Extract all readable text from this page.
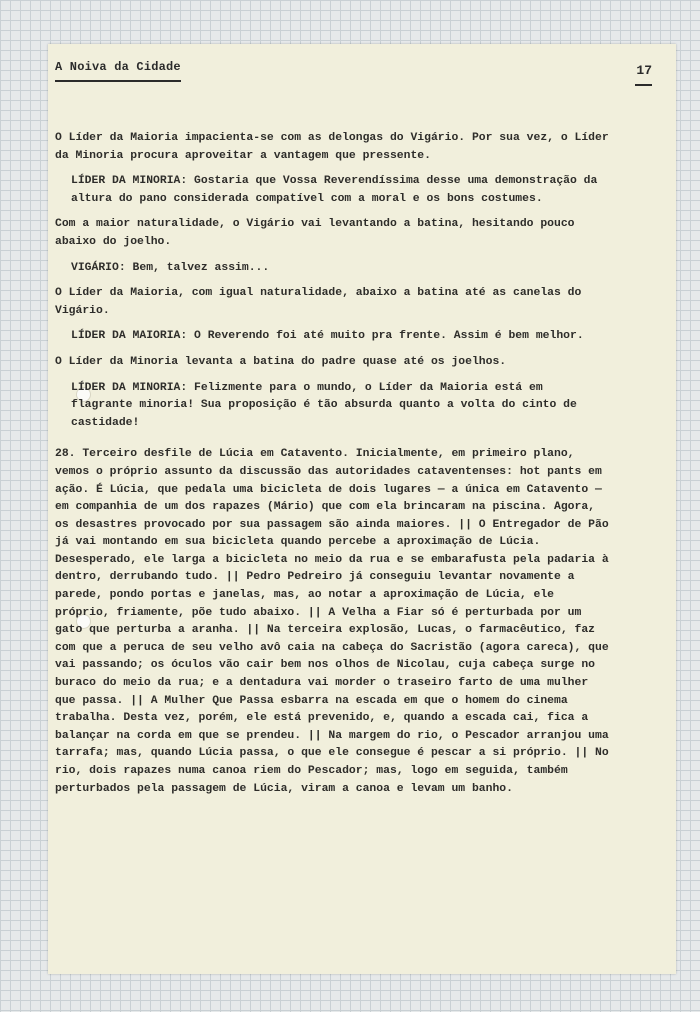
A Noiva da Cidade	17

O Líder da Maioria impacienta-se com as delongas do Vigário. Por sua vez, o Líder da Minoria procura aproveitar a vantagem que pressente.

LÍDER DA MINORIA: Gostaria que Vossa Reverendíssima desse uma demonstração da altura do pano considerada compatível com a moral e os bons costumes.

Com a maior naturalidade, o Vigário vai levantando a batina, hesitando pouco abaixo do joelho.

VIGÁRIO: Bem, talvez assim...

O Líder da Maioria, com igual naturalidade, abaixo a batina até as canelas do Vigário.

LÍDER DA MAIORIA: O Reverendo foi até muito pra frente. Assim é bem melhor.

O Líder da Minoria levanta a batina do padre quase até os joelhos.

LÍDER DA MINORIA: Felizmente para o mundo, o Líder da Maioria está em flagrante minoria! Sua proposição é tão absurda quanto a volta do cinto de castidade!

28. Terceiro desfile de Lúcia em Catavento. Inicialmente, em primeiro plano, vemos o próprio assunto da discussão das autoridades cataventenses: hot pants em ação. É Lúcia, que pedala uma bicicleta de dois lugares — a única em Catavento — em companhia de um dos rapazes (Mário) que com ela brincaram na piscina. Agora, os desastres provocado por sua passagem são ainda maiores. || O Entregador de Pão já vai montando em sua bicicleta quando percebe a aproximação de Lúcia. Desesperado, ele larga a bicicleta no meio da rua e se embarafusta pela padaria à dentro, derrubando tudo. || Pedro Pedreiro já conseguiu levantar novamente a parede, pondo portas e janelas, mas, ao notar a aproximação de Lúcia, ele próprio, friamente, põe tudo abaixo. || A Velha a Fiar só é perturbada por um gato que perturba a aranha. || Na terceira explosão, Lucas, o farmacêutico, faz com que a peruca de seu velho avô caia na cabeça do Sacristão (agora careca), que vai passando; os óculos vão cair bem nos olhos de Nicolau, cuja cabeça surge no buraco do meio da rua; e a dentadura vai morder o traseiro farto de uma mulher que passa. || A Mulher Que Passa esbarra na escada em que o homem do cinema trabalha. Desta vez, porém, ele está prevenido, e, quando a escada cai, fica a balançar na corda em que se prendeu. || Na margem do rio, o Pescador arranjou uma tarrafa; mas, quando Lúcia passa, o que ele consegue é pescar a si próprio. || No rio, dois rapazes numa canoa riem do Pescador; mas, logo em seguida, também perturbados pela passagem de Lúcia, viram a canoa e levam um banho.
